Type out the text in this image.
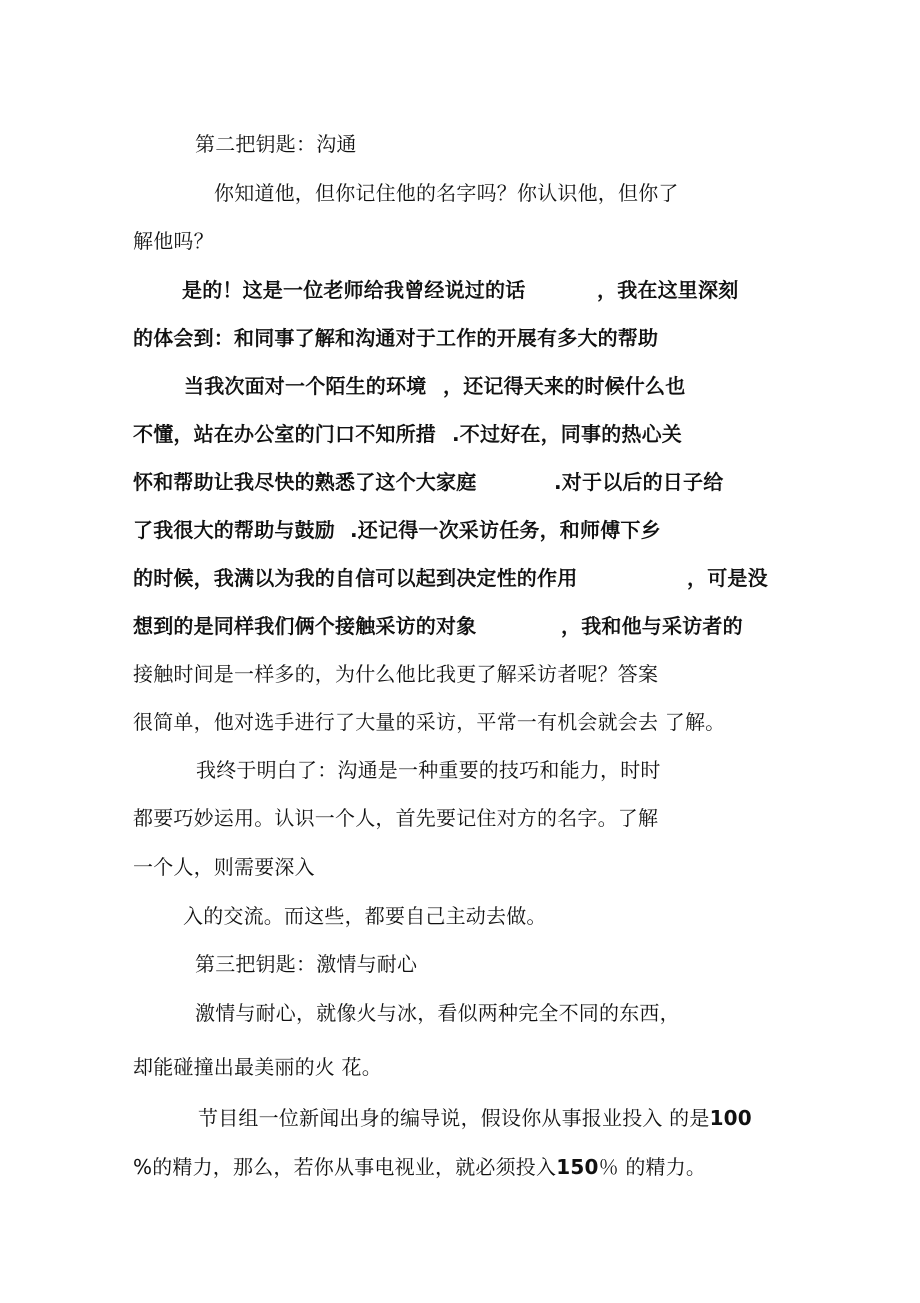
第二把钥匙：沟通
你知道他，但你记住他的名字吗？你认识他，但你了
解他吗？
是的！这是一位老师给我曾经说过的话	，我在这里深刻
的体会到：和同事了解和沟通对于工作的开展有多大的帮助
当我次面对一个陌生的环境 ，还记得天来的时候什么也
不懂，站在办公室的门口不知所措 .不过好在，同事的热心关
怀和帮助让我尽快的熟悉了这个大家庭	.对于以后的日子给
了我很大的帮助与鼓励 .还记得一次采访任务，和师傅下乡
的时候，我满以为我的自信可以起到决定性的作用	，可是没
想到的是同样我们俩个接触采访的对象	，我和他与采访者的
接触时间是一样多的，为什么他比我更了解采访者呢？答案
很简单，他对选手进行了大量的采访，平常一有机会就会去 了解。
我终于明白了：沟通是一种重要的技巧和能力，时时
都要巧妙运用。认识一个人，首先要记住对方的名字。了解
一个人，则需要深入
入的交流。而这些，都要自己主动去做。
第三把钥匙：激情与耐心
激情与耐心，就像火与冰，看似两种完全不同的东西，
却能碰撞出最美丽的火 花。
节目组一位新闻出身的编导说，假设你从事报业投入 的是100
%的精力，那么，若你从事电视业，就必须投入150％ 的精力。
